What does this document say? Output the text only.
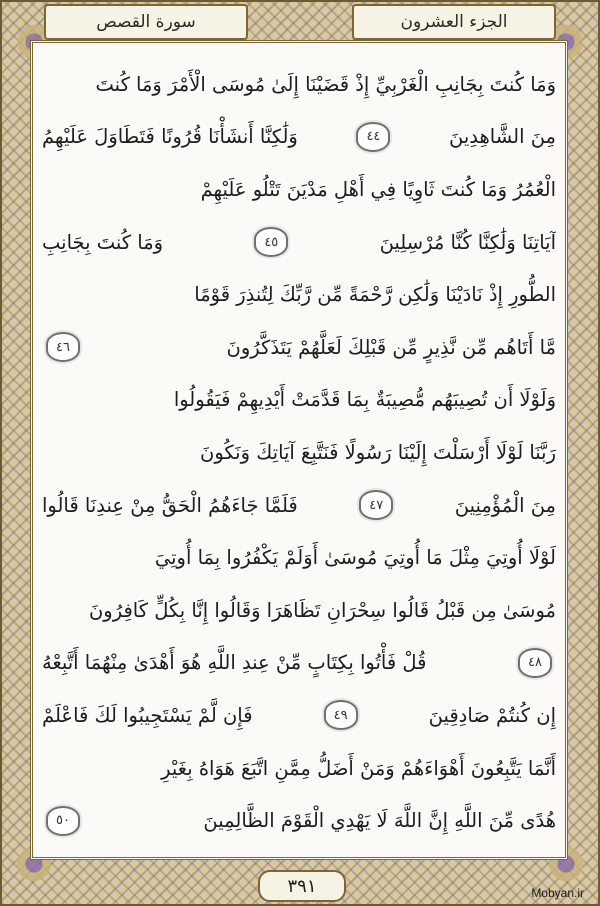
الجزء العشرون
سورة القصص
وَمَا كُنتَ بِجَانِبِ الْغَرْبِيِّ إِذْ قَضَيْنَا إِلَىٰ مُوسَى الْأَمْرَ وَمَا كُنتَ
مِنَ الشَّاهِدِينَ
٤٤
وَلَٰكِنَّا أَنشَأْنَا قُرُونًا فَتَطَاوَلَ عَلَيْهِمُ
الْعُمُرُ وَمَا كُنتَ ثَاوِيًا فِي أَهْلِ مَدْيَنَ تَتْلُو عَلَيْهِمْ
آيَاتِنَا وَلَٰكِنَّا كُنَّا مُرْسِلِينَ
٤٥
وَمَا كُنتَ بِجَانِبِ
الطُّورِ إِذْ نَادَيْنَا وَلَٰكِن رَّحْمَةً مِّن رَّبِّكَ لِتُنذِرَ قَوْمًا
مَّا أَتَاهُم مِّن نَّذِيرٍ مِّن قَبْلِكَ لَعَلَّهُمْ يَتَذَكَّرُونَ
٤٦
وَلَوْلَا أَن تُصِيبَهُم مُّصِيبَةٌ بِمَا قَدَّمَتْ أَيْدِيهِمْ فَيَقُولُوا
رَبَّنَا لَوْلَا أَرْسَلْتَ إِلَيْنَا رَسُولًا فَنَتَّبِعَ آيَاتِكَ وَنَكُونَ
مِنَ الْمُؤْمِنِينَ
٤٧
فَلَمَّا جَاءَهُمُ الْحَقُّ مِنْ عِندِنَا قَالُوا
لَوْلَا أُوتِيَ مِثْلَ مَا أُوتِيَ مُوسَىٰ أَوَلَمْ يَكْفُرُوا بِمَا أُوتِيَ
مُوسَىٰ مِن قَبْلُ قَالُوا سِحْرَانِ تَظَاهَرَا وَقَالُوا إِنَّا بِكُلٍّ كَافِرُونَ
٤٨
قُلْ فَأْتُوا بِكِتَابٍ مِّنْ عِندِ اللَّهِ هُوَ أَهْدَىٰ مِنْهُمَا أَتَّبِعْهُ
إِن كُنتُمْ صَادِقِينَ
٤٩
فَإِن لَّمْ يَسْتَجِيبُوا لَكَ فَاعْلَمْ
أَنَّمَا يَتَّبِعُونَ أَهْوَاءَهُمْ وَمَنْ أَضَلُّ مِمَّنِ اتَّبَعَ هَوَاهُ بِغَيْرِ
هُدًى مِّنَ اللَّهِ إِنَّ اللَّهَ لَا يَهْدِي الْقَوْمَ الظَّالِمِينَ
٥٠
٣٩١	Mobyan.ir
